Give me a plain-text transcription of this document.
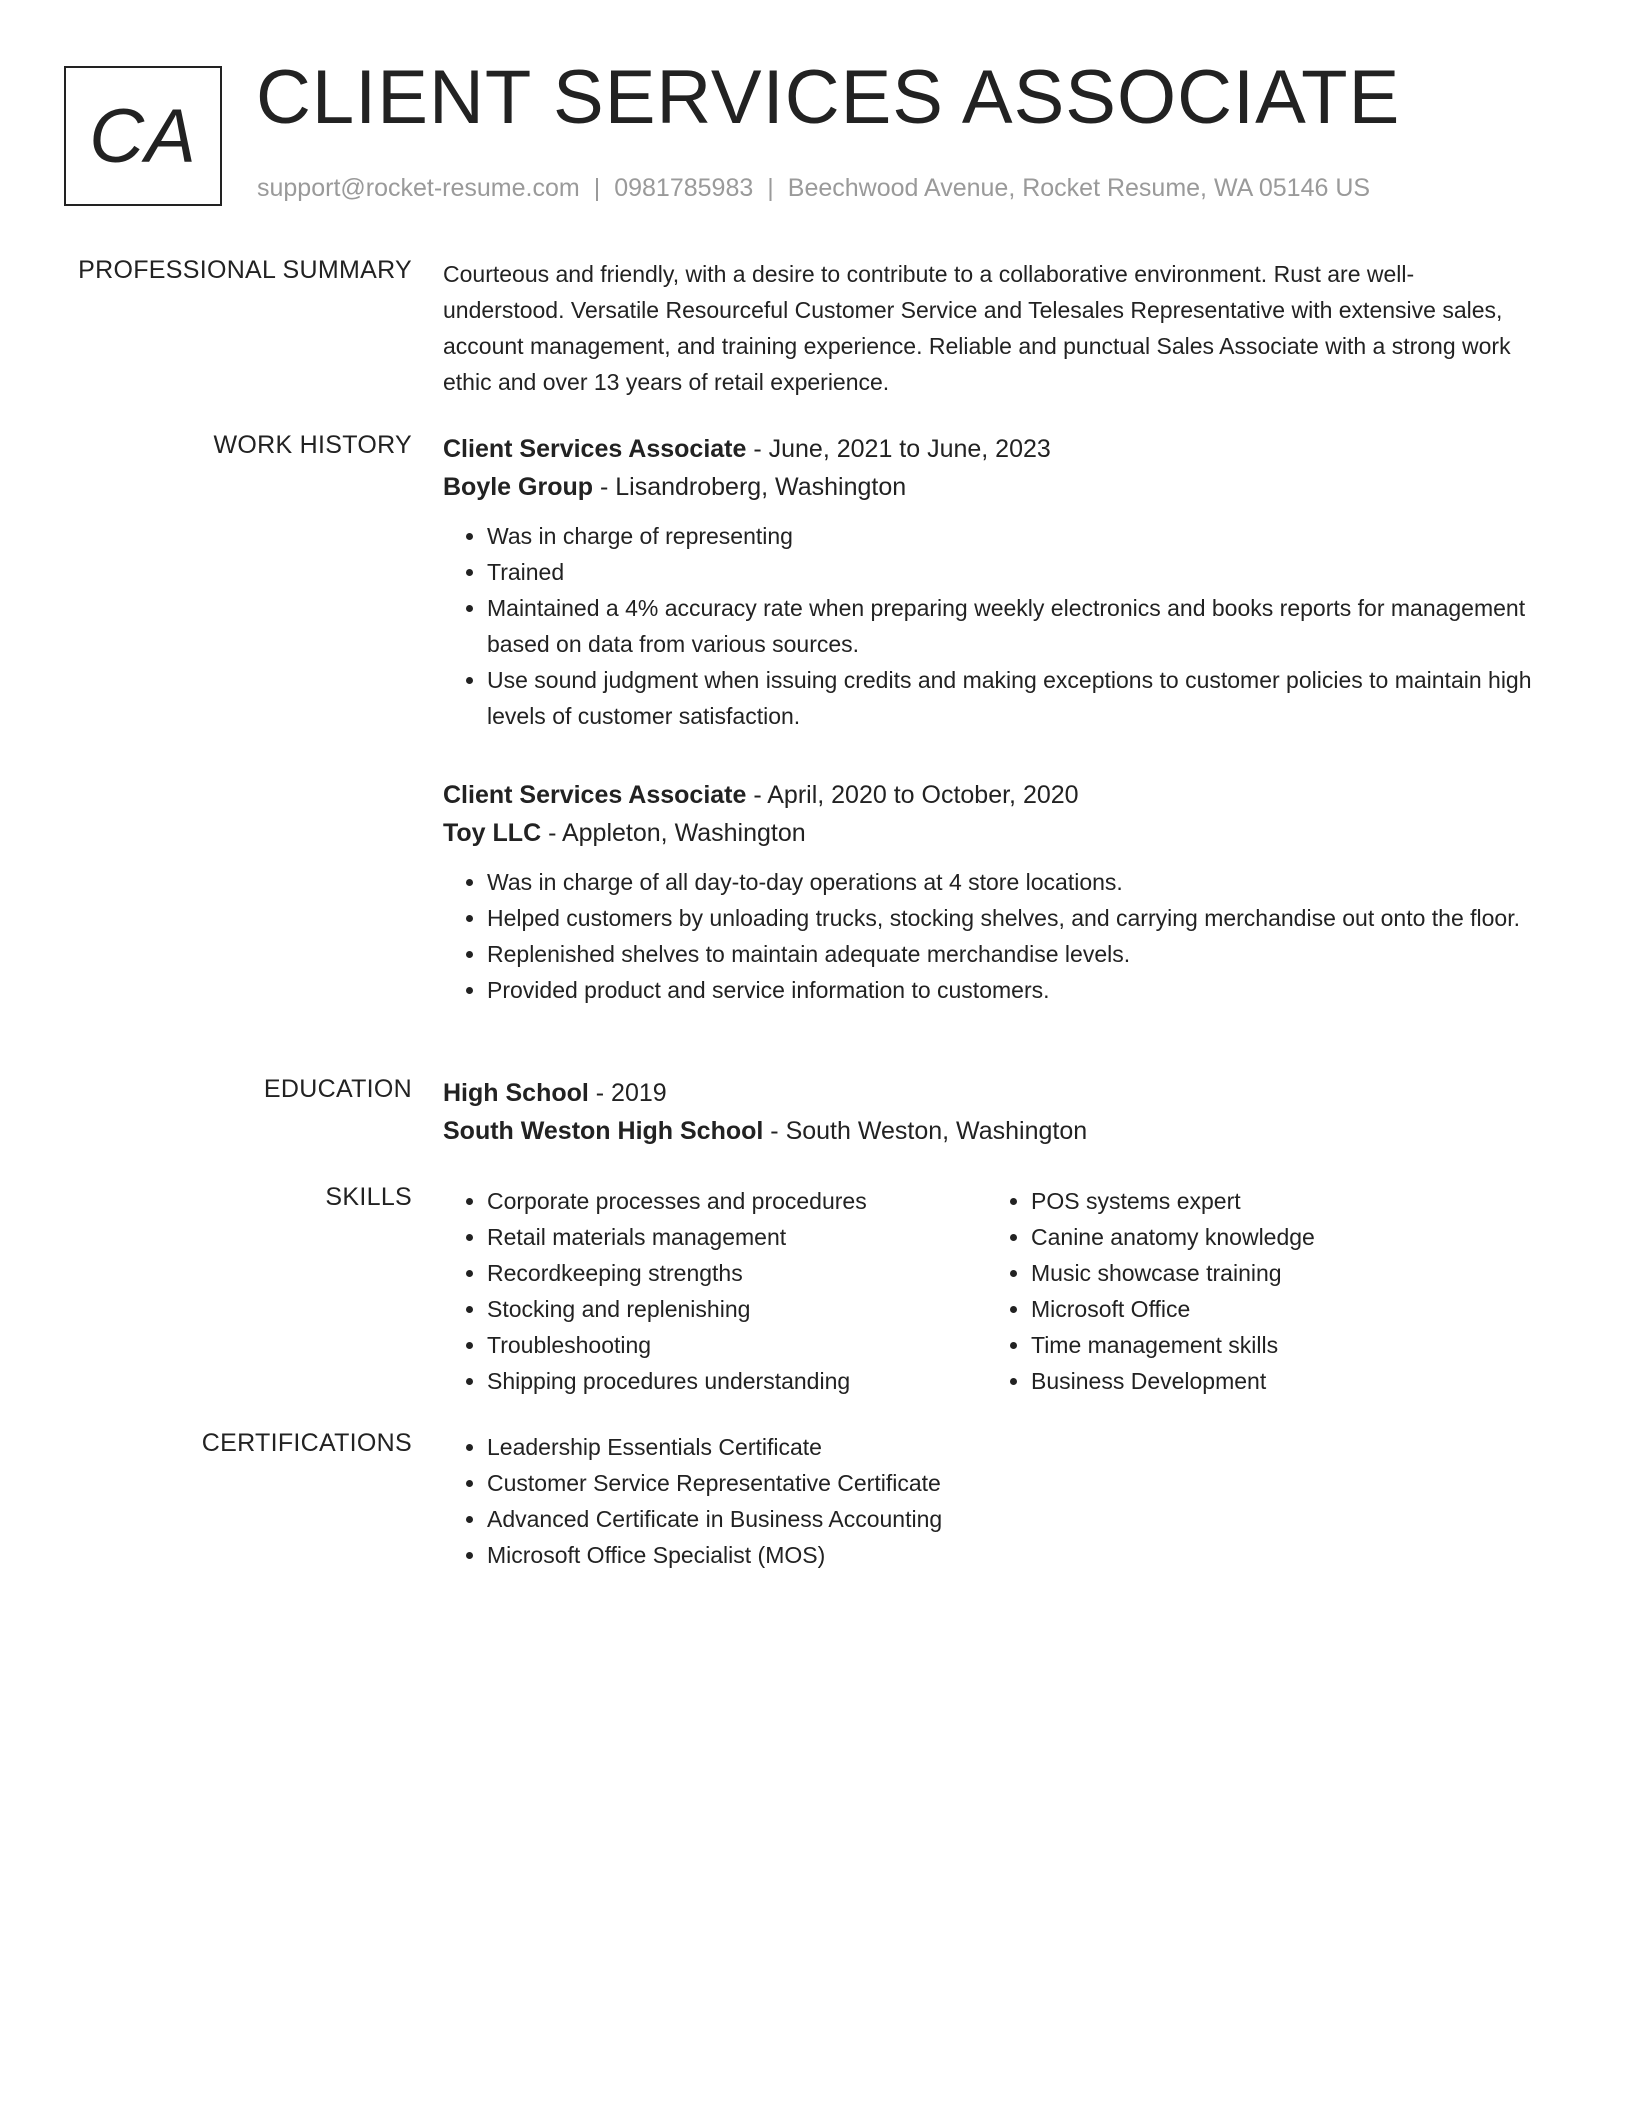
CA CLIENT SERVICES ASSOCIATE
support@rocket-resume.com | 0981785983 | Beechwood Avenue, Rocket Resume, WA 05146 US
PROFESSIONAL SUMMARY Courteous and friendly, with a desire to contribute to a collaborative environment. Rust are well-understood. Versatile Resourceful Customer Service and Telesales Representative with extensive sales, account management, and training experience. Reliable and punctual Sales Associate with a strong work ethic and over 13 years of retail experience.

WORK HISTORY Client Services Associate - June, 2021 to June, 2023
Boyle Group - Lisandroberg, Washington
• Was in charge of representing
• Trained
• Maintained a 4% accuracy rate when preparing weekly electronics and books reports for management based on data from various sources.
• Use sound judgment when issuing credits and making exceptions to customer policies to maintain high levels of customer satisfaction.
Client Services Associate - April, 2020 to October, 2020
Toy LLC - Appleton, Washington
• Was in charge of all day-to-day operations at 4 store locations.
• Helped customers by unloading trucks, stocking shelves, and carrying merchandise out onto the floor.
• Replenished shelves to maintain adequate merchandise levels.
• Provided product and service information to customers.
EDUCATION High School - 2019
South Weston High School - South Weston, Washington
SKILLS	• Corporate processes and procedures
• Retail materials management
• Recordkeeping strengths
• Stocking and replenishing
• Troubleshooting
• Shipping procedures understanding
• POS systems expert
• Canine anatomy knowledge
• Music showcase training
• Microsoft Office
• Time management skills
• Business Development
CERTIFICATIONS	• Leadership Essentials Certificate
• Customer Service Representative Certificate
• Advanced Certificate in Business Accounting
• Microsoft Office Specialist (MOS)
